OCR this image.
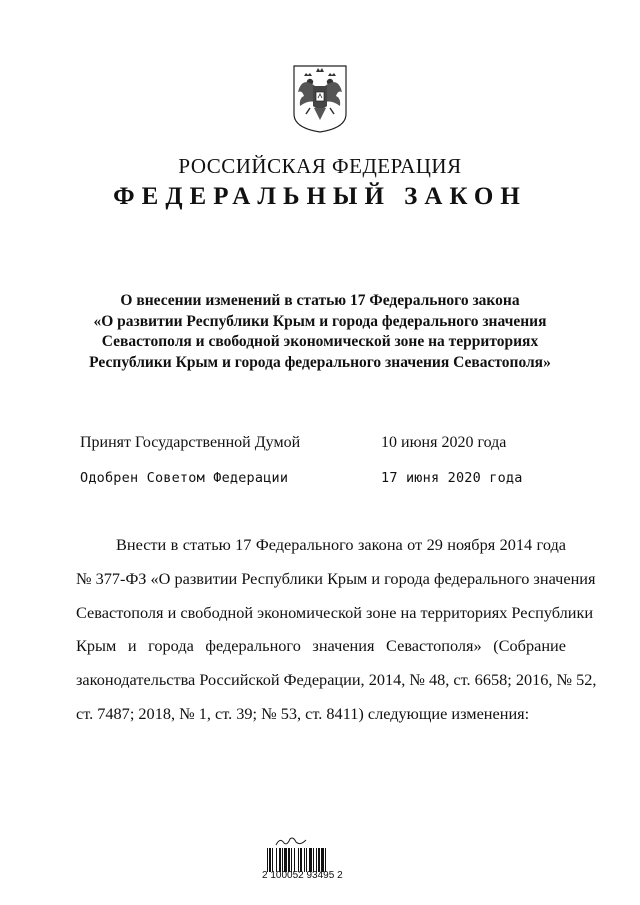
РОССИЙСКАЯ ФЕДЕРАЦИЯ
ФЕДЕРАЛЬНЫЙ ЗАКОН
О внесении изменений в статью 17 Федерального закона
«О развитии Республики Крым и города федерального значения
Севастополя и свободной экономической зоне на территориях
Республики Крым и города федерального значения Севастополя»
Принят Государственной Думой	10 июня 2020 года
Одобрен Советом Федерации	17 июня 2020 года
Внести в статью 17 Федерального закона от 29 ноября 2014 года
№ 377-ФЗ «О развитии Республики Крым и города федерального значения
Севастополя и свободной экономической зоне на территориях Республики
Крым и города федерального значения Севастополя» (Собрание
законодательства Российской Федерации, 2014, № 48, ст. 6658; 2016, № 52,
ст. 7487; 2018, № 1, ст. 39; № 53, ст. 8411) следующие изменения:
2 100052 93495 2
